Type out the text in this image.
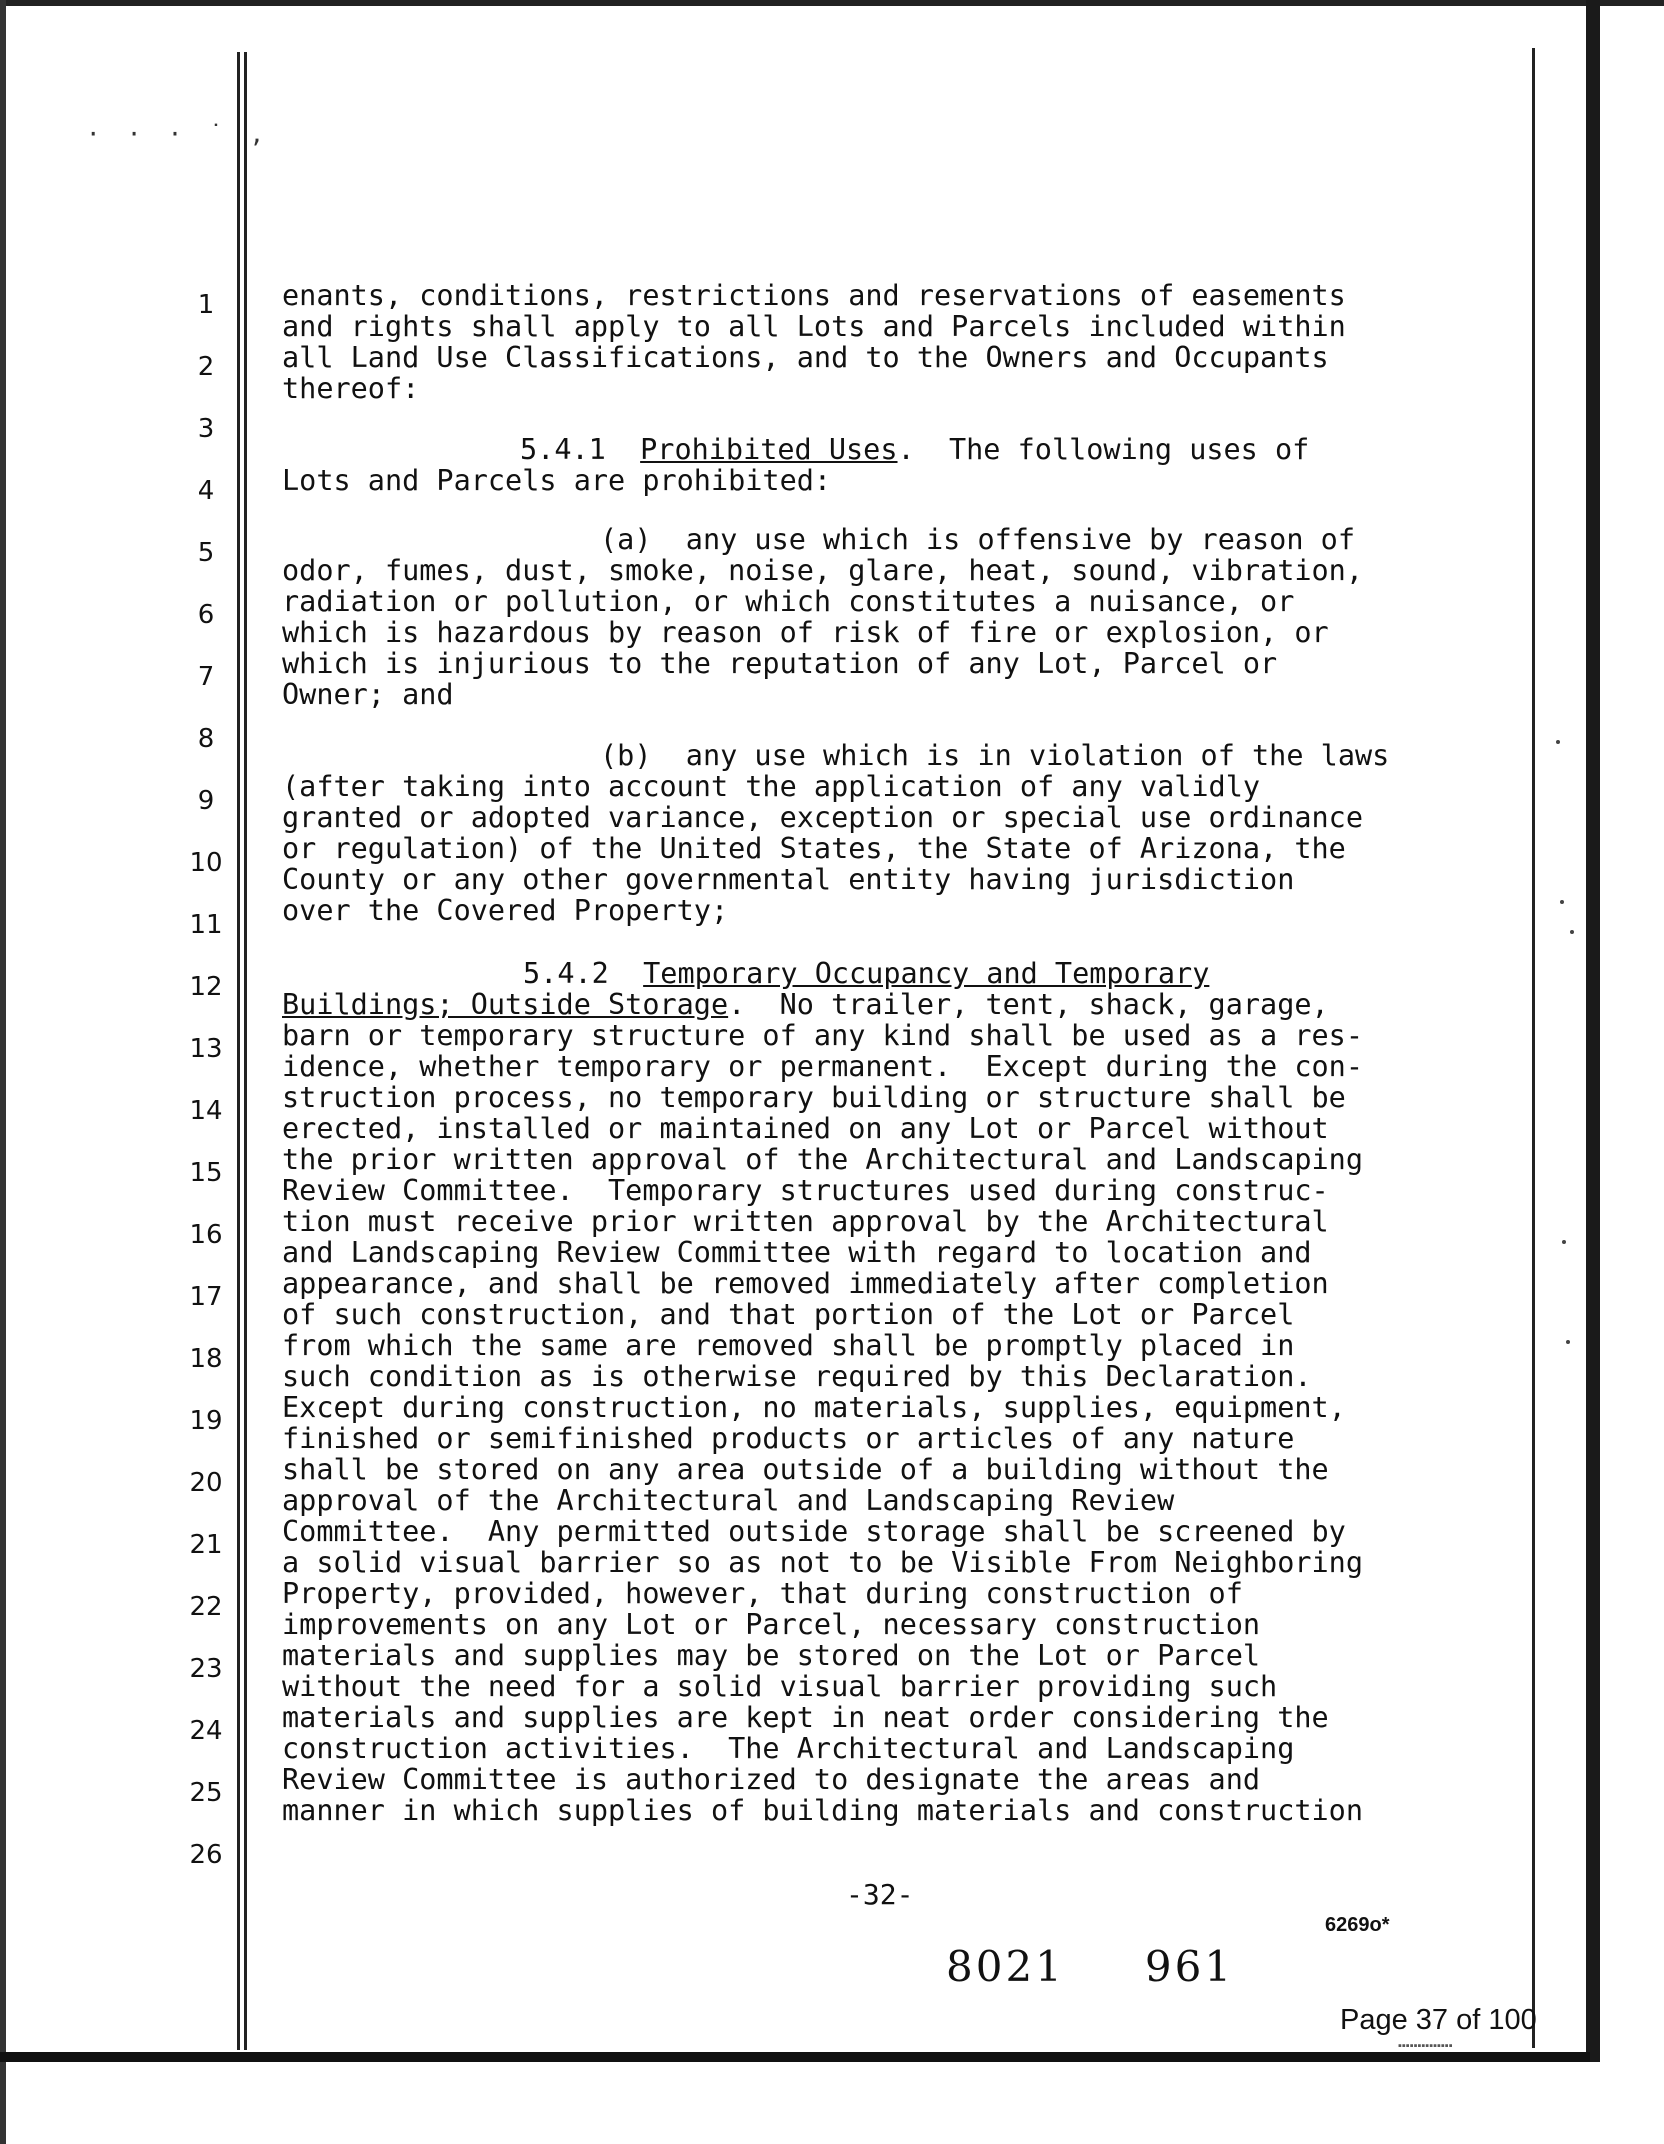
· · · ˙ ,
1
2
3
4
5
6
7
8
9
10
11
12
13
14
15
16
17
18
19
20
21
22
23
24
25
26
enants, conditions, restrictions and reservations of easements
and rights shall apply to all Lots and Parcels included within
all Land Use Classifications, and to the Owners and Occupants
thereof:
5.4.1 Prohibited Uses.  The following uses of
Lots and Parcels are prohibited:
(a)  any use which is offensive by reason of
odor, fumes, dust, smoke, noise, glare, heat, sound, vibration,
radiation or pollution, or which constitutes a nuisance, or
which is hazardous by reason of risk of fire or explosion, or
which is injurious to the reputation of any Lot, Parcel or
Owner; and
(b)  any use which is in violation of the laws
(after taking into account the application of any validly
granted or adopted variance, exception or special use ordinance
or regulation) of the United States, the State of Arizona, the
County or any other governmental entity having jurisdiction
over the Covered Property;
5.4.2 Temporary Occupancy and Temporary
Buildings; Outside Storage.  No trailer, tent, shack, garage,
barn or temporary structure of any kind shall be used as a res-
idence, whether temporary or permanent.  Except during the con-
struction process, no temporary building or structure shall be
erected, installed or maintained on any Lot or Parcel without
the prior written approval of the Architectural and Landscaping
Review Committee.  Temporary structures used during construc-
tion must receive prior written approval by the Architectural
and Landscaping Review Committee with regard to location and
appearance, and shall be removed immediately after completion
of such construction, and that portion of the Lot or Parcel
from which the same are removed shall be promptly placed in
such condition as is otherwise required by this Declaration.
Except during construction, no materials, supplies, equipment,
finished or semifinished products or articles of any nature
shall be stored on any area outside of a building without the
approval of the Architectural and Landscaping Review
Committee.  Any permitted outside storage shall be screened by
a solid visual barrier so as not to be Visible From Neighboring
Property, provided, however, that during construction of
improvements on any Lot or Parcel, necessary construction
materials and supplies may be stored on the Lot or Parcel
without the need for a solid visual barrier providing such
materials and supplies are kept in neat order considering the
construction activities.  The Architectural and Landscaping
Review Committee is authorized to designate the areas and
manner in which supplies of building materials and construction
-32-
6269o*
8021 961
Page 37 of 100
▪▪▪▪▪▪▪▪▪▪▪▪▪▪
